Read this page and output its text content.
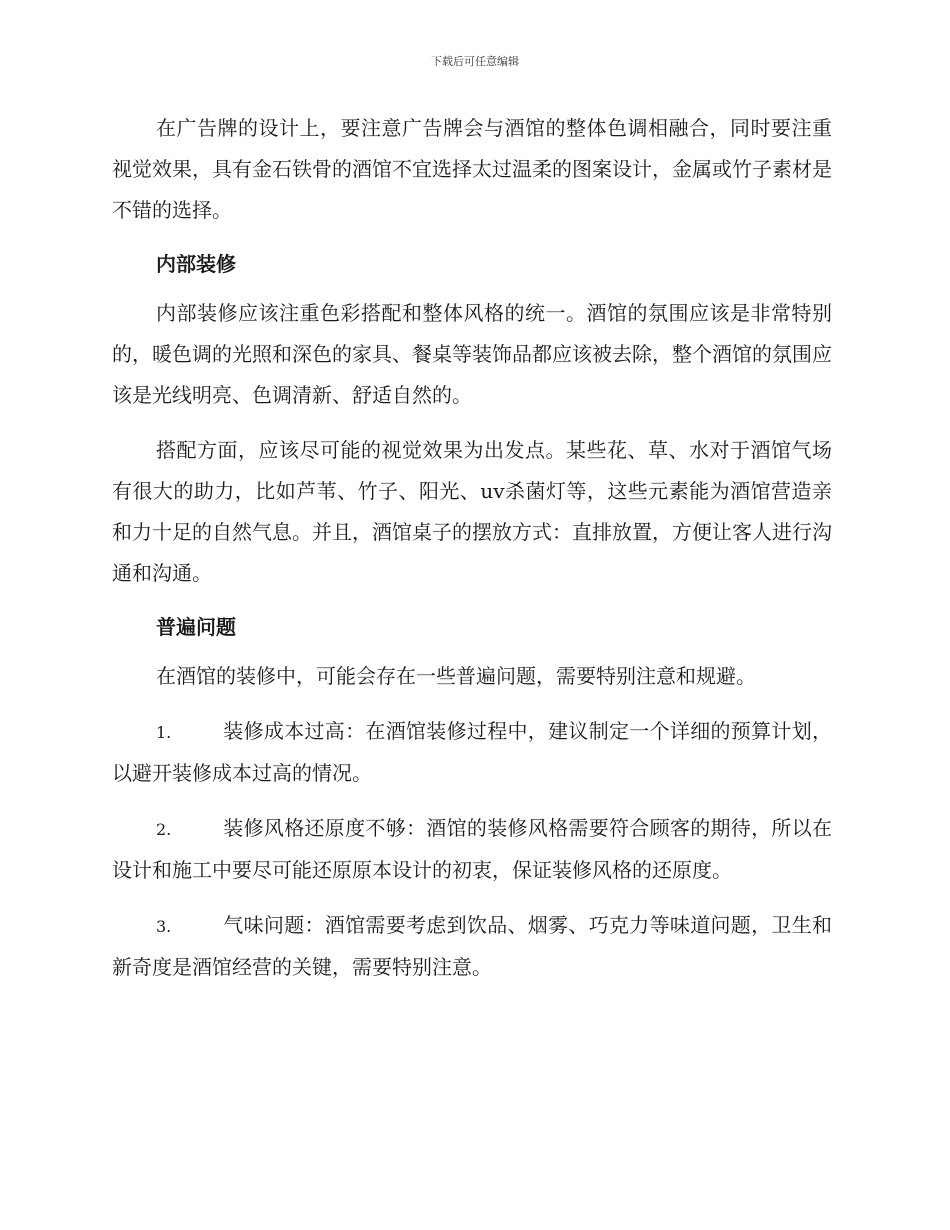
下载后可任意编辑

在广告牌的设计上，要注意广告牌会与酒馆的整体色调相融合，同时要注重视觉效果，具有金石铁骨的酒馆不宜选择太过温柔的图案设计，金属或竹子素材是不错的选择。

内部装修

内部装修应该注重色彩搭配和整体风格的统一。酒馆的氛围应该是非常特别的，暖色调的光照和深色的家具、餐桌等装饰品都应该被去除，整个酒馆的氛围应该是光线明亮、色调清新、舒适自然的。

搭配方面，应该尽可能的视觉效果为出发点。某些花、草、水对于酒馆气场有很大的助力，比如芦苇、竹子、阳光、uv杀菌灯等，这些元素能为酒馆营造亲和力十足的自然气息。并且，酒馆桌子的摆放方式：直排放置，方便让客人进行沟通和沟通。

普遍问题

在酒馆的装修中，可能会存在一些普遍问题，需要特别注意和规避。

1.	装修成本过高：在酒馆装修过程中，建议制定一个详细的预算计划，以避开装修成本过高的情况。

2.	装修风格还原度不够：酒馆的装修风格需要符合顾客的期待，所以在设计和施工中要尽可能还原原本设计的初衷，保证装修风格的还原度。

3.	气味问题：酒馆需要考虑到饮品、烟雾、巧克力等味道问题，卫生和新奇度是酒馆经营的关键，需要特别注意。
